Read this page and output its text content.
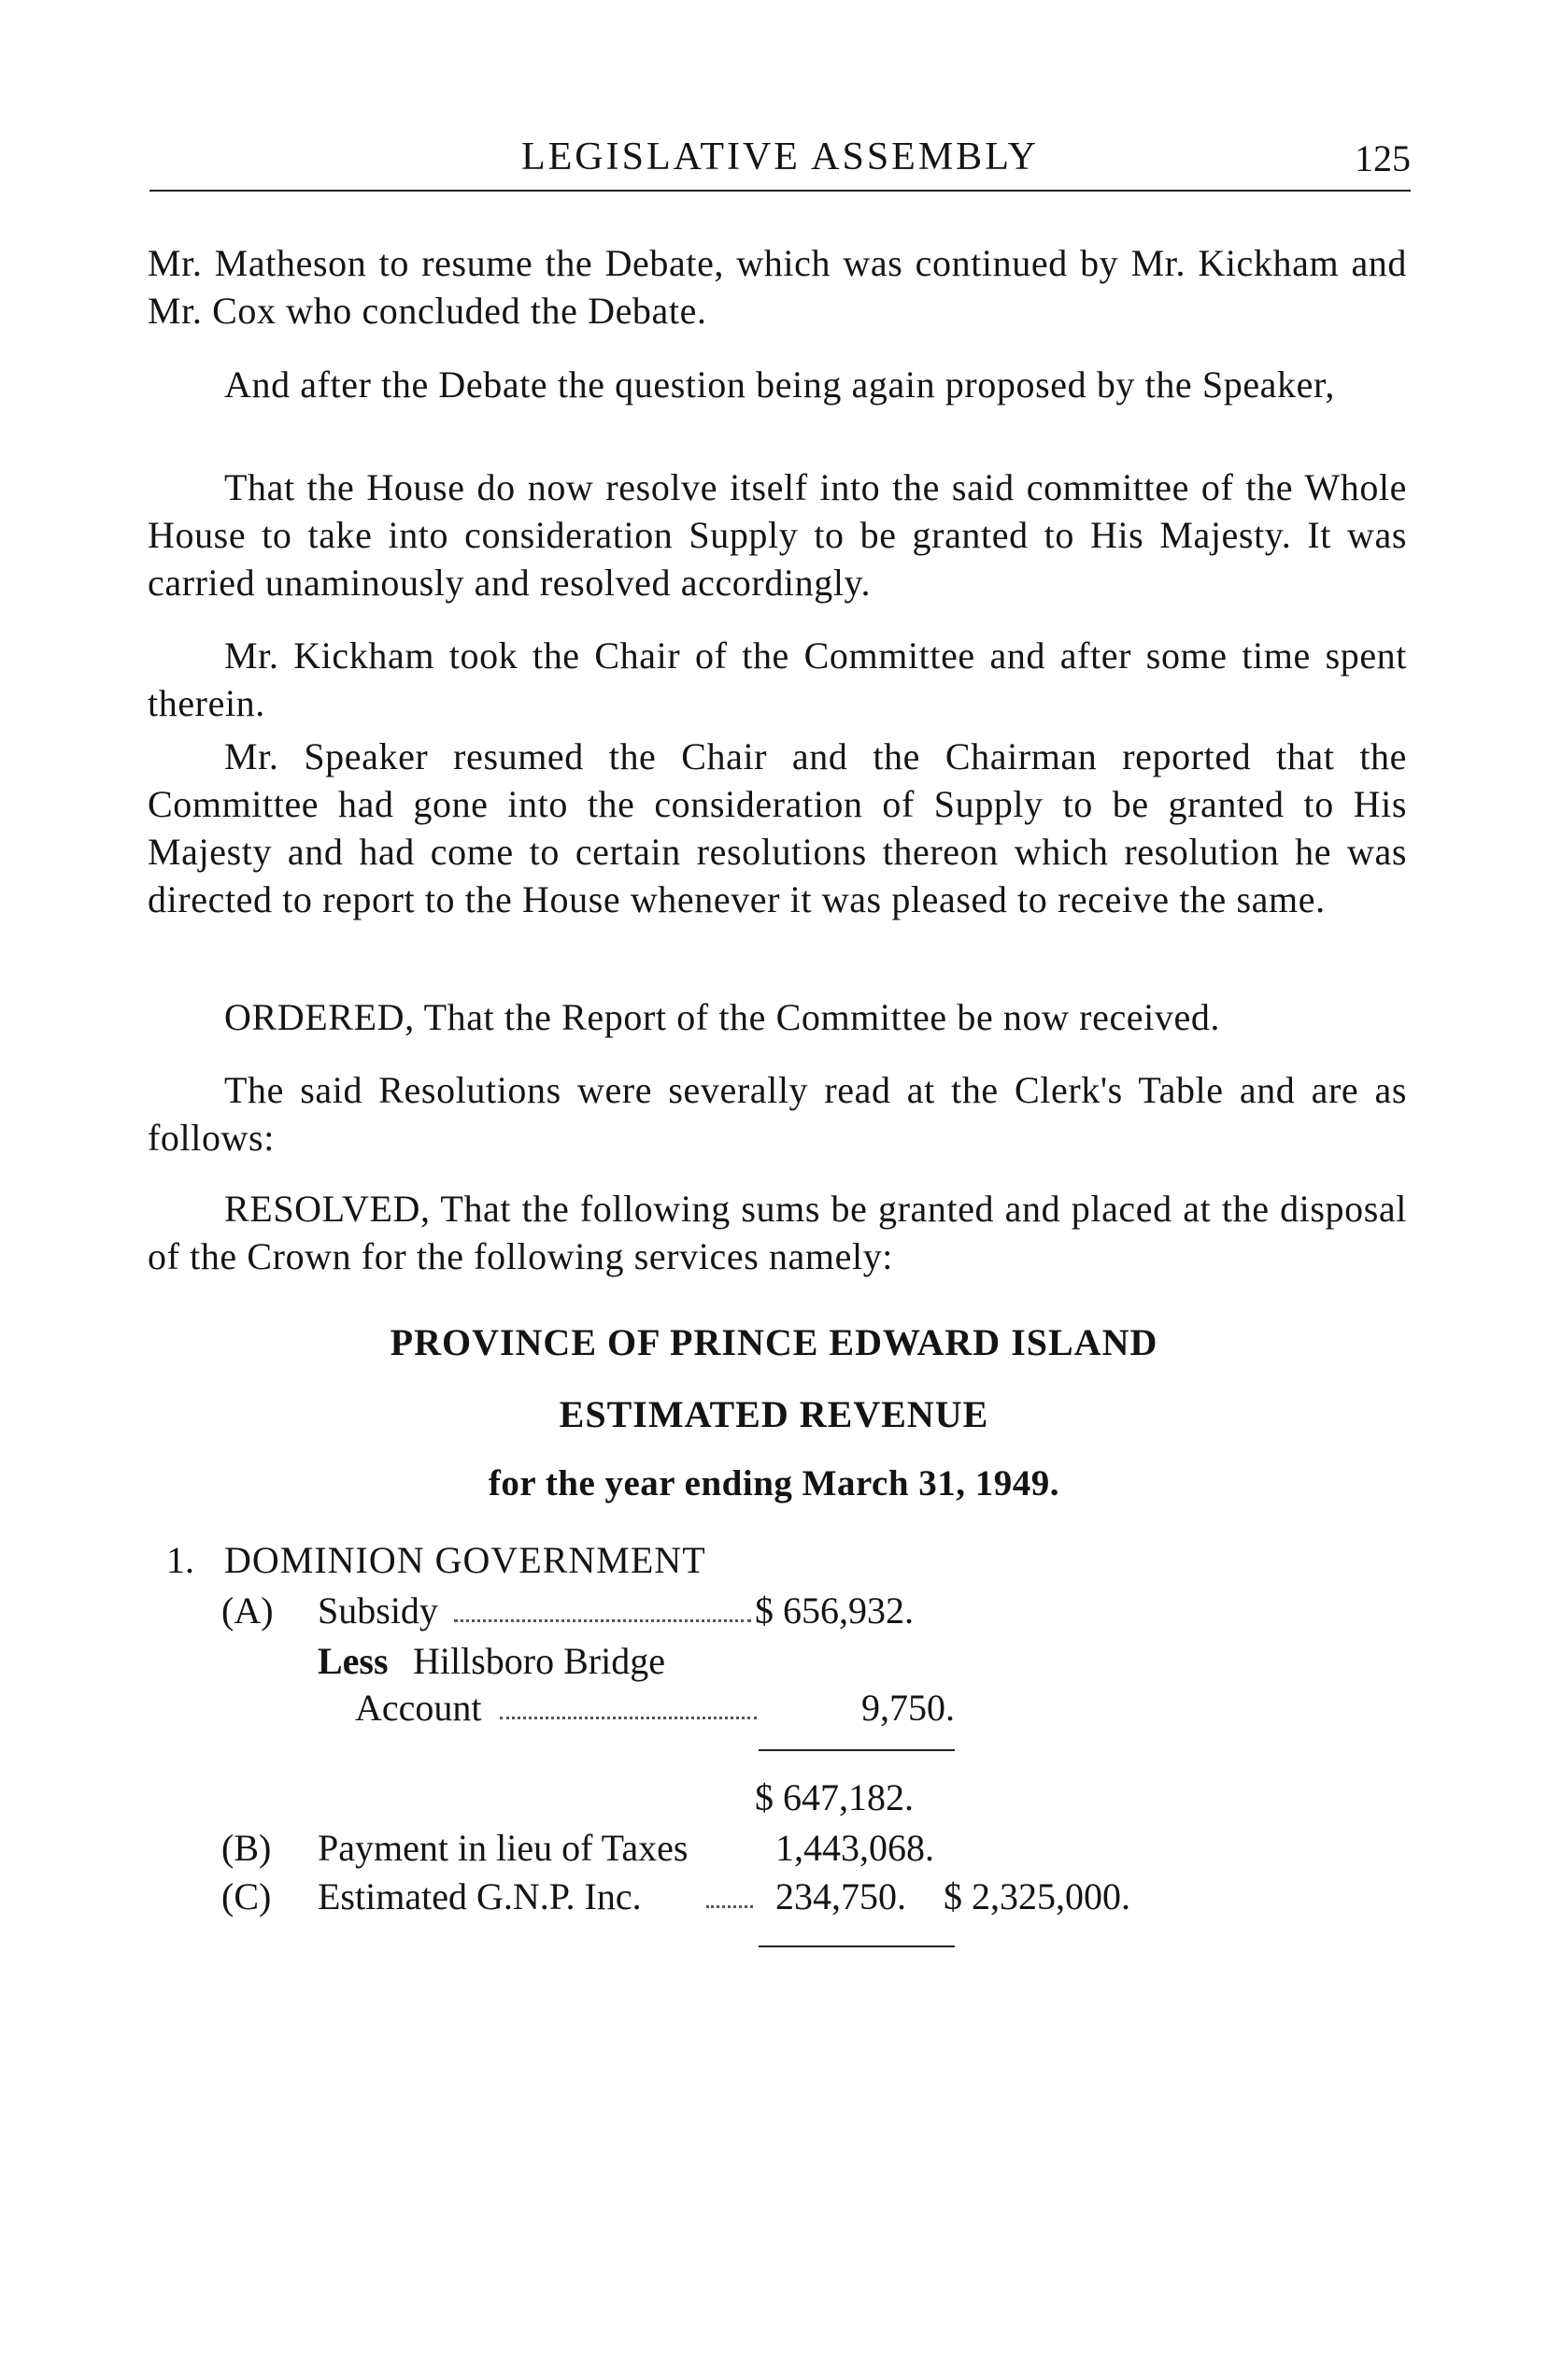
LEGISLATIVE ASSEMBLY	125

Mr. Matheson to resume the Debate, which was continued by Mr. Kickham and Mr. Cox who concluded the Debate.

And after the Debate the question being again proposed by the Speaker,

That the House do now resolve itself into the said committee of the Whole House to take into consideration Supply to be granted to His Majesty. It was carried unaminously and resolved accordingly.

Mr. Kickham took the Chair of the Committee and after some time spent therein.

Mr. Speaker resumed the Chair and the Chairman reported that the Committee had gone into the consideration of Supply to be granted to His Majesty and had come to certain resolutions thereon which resolution he was directed to report to the House whenever it was pleased to receive the same.

ORDERED, That the Report of the Committee be now received.

The said Resolutions were severally read at the Clerk's Table and are as follows:

RESOLVED, That the following sums be granted and placed at the disposal of the Crown for the following services namely:

PROVINCE OF PRINCE EDWARD ISLAND
ESTIMATED REVENUE
for the year ending March 31, 1949.
1. DOMINION GOVERNMENT
(A) Subsidy	$ 656,932.
Less Hillsboro Bridge
Account	9,750.
$ 647,182.
(B) Payment in lieu of Taxes 1,443,068.
(C) Estimated G.N.P. Inc.	234,750. $ 2,325,000.
